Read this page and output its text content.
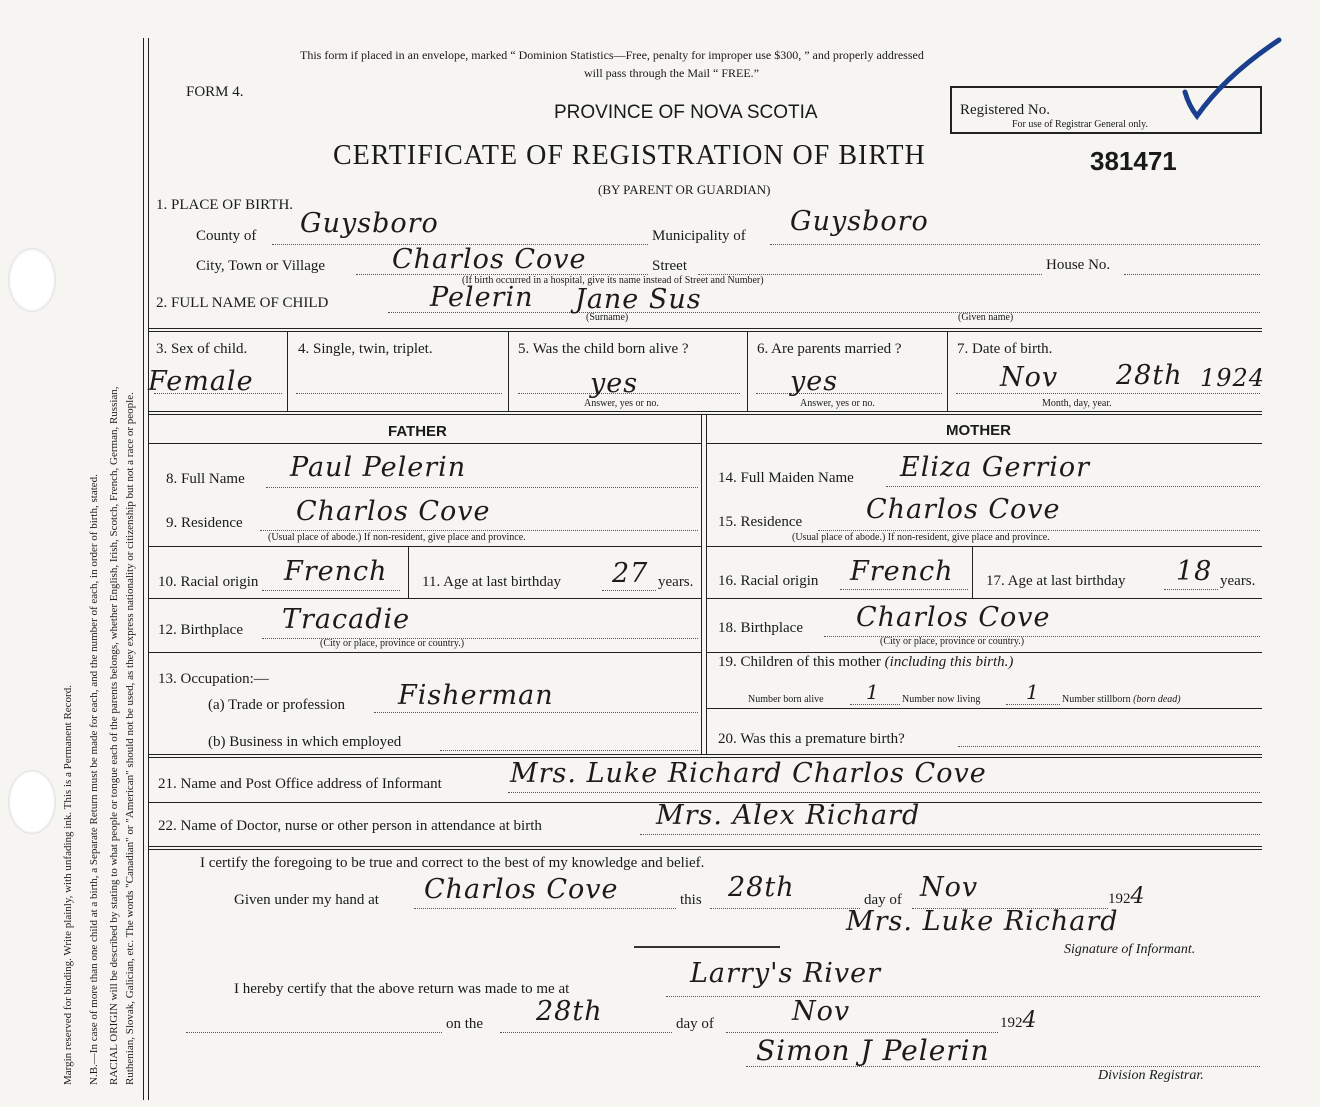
Margin reserved for binding. Write plainly, with unfading ink. This is a Permanent Record. N.B.—In case of more than one child at a birth, a Separate Return must be made for each, and the number of each, in order of birth, stated. RACIAL ORIGIN will be described by stating to what people or tongue each of the parents belongs, whether English, Irish, Scotch, French, German, Russian, Ruthenian, Slovak, Galician, etc. The words "Canadian" or "American" should not be used, as they express nationality or citizenship but not a race or people.
This form if placed in an envelope, marked “ Dominion Statistics—Free, penalty for improper use $300, ” and properly addressed
will pass through the Mail “ FREE.”
FORM 4.
PROVINCE OF NOVA SCOTIA	Registered No.
For use of Registrar General only.
CERTIFICATE OF REGISTRATION OF BIRTH	381471
(BY PARENT OR GUARDIAN)
1. PLACE OF BIRTH.
County of Guysboro	Municipality of Guysboro
City, Town or Village Charlos Cove	Street
(If birth occurred in a hospital, give its name instead of Street and Number)
House No.
2. FULL NAME OF CHILD	Pelerin Jane Sus
(Surname)	(Given name)
3. Sex of child.
Female
4. Single, twin, triplet.	5. Was the child born alive ?
yes
Answer, yes or no.
6. Are parents married ?
yes
Answer, yes or no.
7. Date of birth.
Nov 28th 1924
Month, day, year.
FATHER	MOTHER
8. Full Name Paul Pelerin
9. Residence Charlos Cove
(Usual place of abode.) If non-resident, give place and province.
10. Racial origin French 11. Age at last birthday 27 years.
12. Birthplace Tracadie
(City or place, province or country.)
13. Occupation:—
(a) Trade or profession Fisherman
(b) Business in which employed
14. Full Maiden Name Eliza Gerrior
15. Residence Charlos Cove
(Usual place of abode.) If non-resident, give place and province.
16. Racial origin French 17. Age at last birthday 18 years.
18. Birthplace Charlos Cove
(City or place, province or country.)
19. Children of this mother (including this birth.)
Number born alive 1 Number now living 1 Number stillborn (born dead)
20. Was this a premature birth?
21. Name and Post Office address of Informant	Mrs. Luke Richard Charlos Cove
22. Name of Doctor, nurse or other person in attendance at birth	Mrs. Alex Richard
I certify the foregoing to be true and correct to the best of my knowledge and belief.
Given under my hand at Charlos Cove	this 28th	day of Nov	1924
Mrs. Luke Richard
Signature of Informant.
I hereby certify that the above return was made to me at	Larry's River
on the 28th	day of	Nov	1924
Simon J Pelerin
Division Registrar.
